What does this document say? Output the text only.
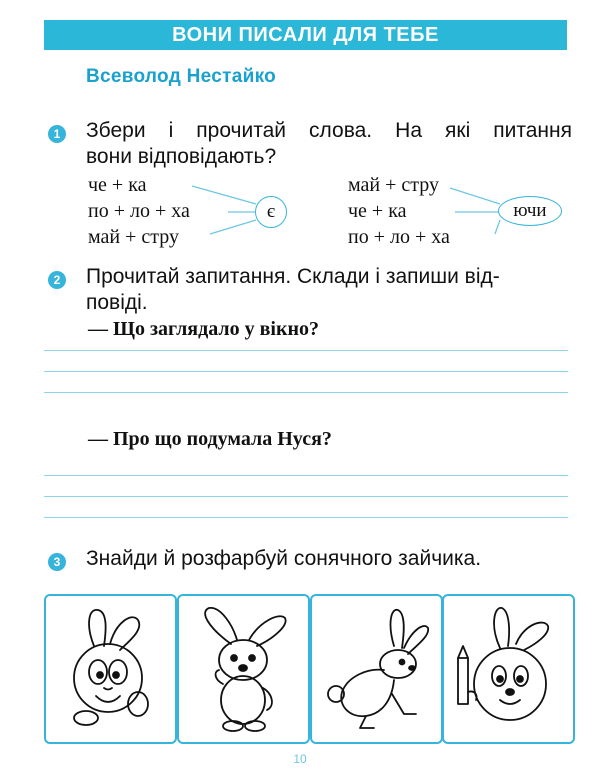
ВОНИ ПИСАЛИ ДЛЯ ТЕБЕ
Всеволод Нестайко
1 Збери і прочитай слова. На які питання
вони відповідають?
че + ка
по + ло + ха
май + стру
є
май + стру
че + ка
по + ло + ха
ючи
2 Прочитай запитання. Склади і запиши від-
повіді.
— Що заглядало у вікно?
— Про що подумала Нуся?
3 Знайди й розфарбуй сонячного зайчика.
10
